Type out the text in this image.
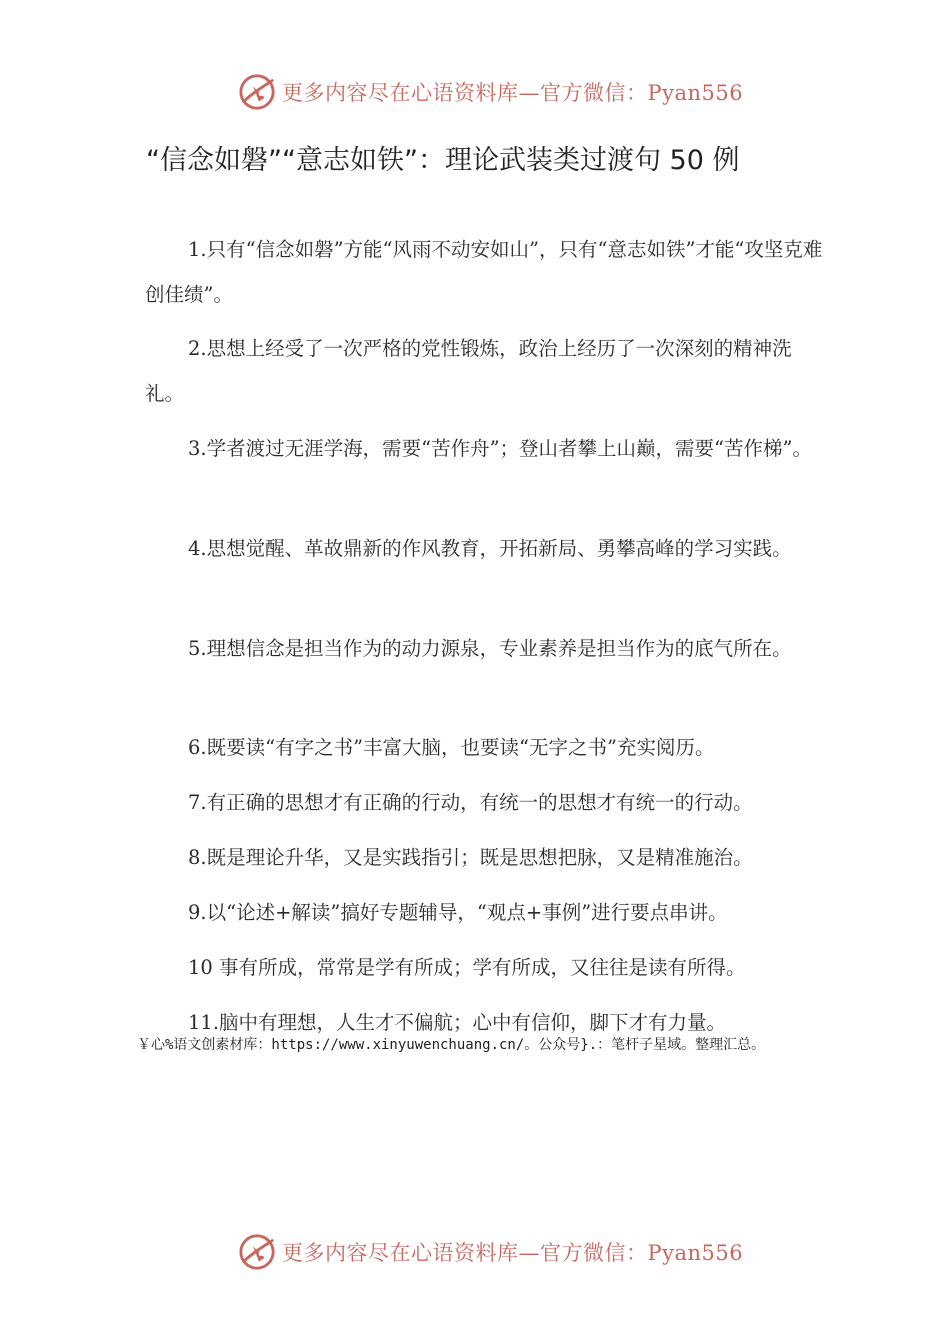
更多内容尽在心语资料库—官方微信：Pyan556
“信念如磐”“意志如铁”：理论武装类过渡句 50 例
1.只有“信念如磐”方能“风雨不动安如山”，只有“意志如铁”才能“攻坚克难创佳绩”。
2.思想上经受了一次严格的党性锻炼，政治上经历了一次深刻的精神洗礼。
3.学者渡过无涯学海，需要“苦作舟”；登山者攀上山巅，需要“苦作梯”。
4.思想觉醒、革故鼎新的作风教育，开拓新局、勇攀高峰的学习实践。
5.理想信念是担当作为的动力源泉，专业素养是担当作为的底气所在。
6.既要读“有字之书”丰富大脑，也要读“无字之书”充实阅历。
7.有正确的思想才有正确的行动，有统一的思想才有统一的行动。
8.既是理论升华，又是实践指引；既是思想把脉，又是精准施治。
9.以“论述+解读”搞好专题辅导，“观点+事例”进行要点串讲。
10 事有所成，常常是学有所成；学有所成，又往往是读有所得。
11.脑中有理想，人生才不偏航；心中有信仰，脚下才有力量。
￥心%语文创素材库：https://www.xinyuwenchuang.cn/。公众号}.：笔杆子星域。整理汇总。
更多内容尽在心语资料库—官方微信：Pyan556
